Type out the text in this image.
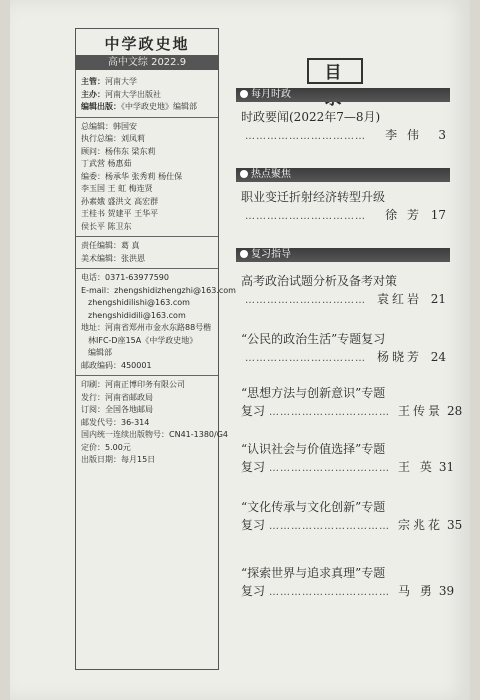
中学政史地
高中文综 2022.9
主管：河南大学
主办：河南大学出版社
编辑出版：《中学政史地》编辑部
总编辑：韩国安
执行总编：刘凤莉
顾问：杨伟东 梁东莉
丁武营 杨惠茹
编委：杨承华 张秀莉 杨仕保
李玉国 王 虹 梅连贤
孙素娥 盛洪文 高宏群
王桂书 贺建平 王华平
侯长平 陈卫东
责任编辑：葛 真
美术编辑：张洪恩
电话：0371-63977590
E-mail：zhengshidizhengzhi@163.com
zhengshidilishi@163.com
zhengshididili@163.com
地址：河南省郑州市金水东路88号楷
林IFC-D座15A《中学政史地》
编辑部
邮政编码：450001
印刷：河南正博印务有限公司
发行：河南省邮政局
订阅：全国各地邮局
邮发代号：36-314
国内统一连续出版物号：CN41-1380/G4
定价：5.00元
出版日期：每月15日
目
每月时政
时政要闻(2022年7—8月)
……………………………	李 伟	3
热点聚焦
职业变迁折射经济转型升级
……………………………	徐 芳 17
复习指导
高考政治试题分析及备考对策
…………………………… 袁红岩 21
“公民的政治生活”专题复习
…………………………… 杨晓芳 24
“思想方法与创新意识”专题
复习 …………………………… 王传景 28
“认识社会与价值选择”专题
复习 …………………………… 王 英 31
“文化传承与文化创新”专题
复习 …………………………… 宗兆花 35
“探索世界与追求真理”专题
复习 …………………………… 马 勇 39
